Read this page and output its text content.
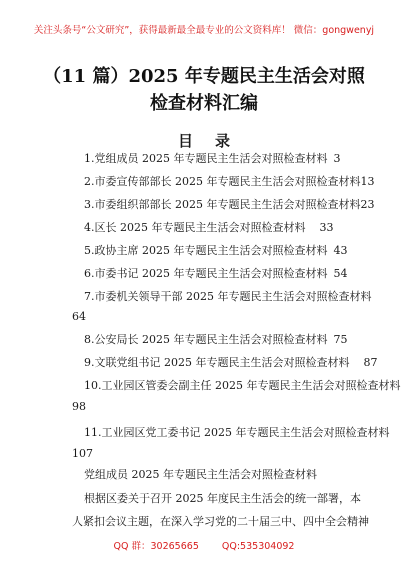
关注头条号“公文研究”，获得最新最全最专业的公文资料库！ 微信：gongwenyj
（11 篇）2025 年专题民主生活会对照检查材料汇编
目录
1.党组成员 2025 年专题民主生活会对照检查材料 3
2.市委宣传部部长 2025 年专题民主生活会对照检查材料13
3.市委组织部部长 2025 年专题民主生活会对照检查材料23
4.区长 2025 年专题民主生活会对照检查材料 33
5.政协主席 2025 年专题民主生活会对照检查材料 43
6.市委书记 2025 年专题民主生活会对照检查材料 54
7.市委机关领导干部 2025 年专题民主生活会对照检查材料
64
8.公安局长 2025 年专题民主生活会对照检查材料 75
9.文联党组书记 2025 年专题民主生活会对照检查材料 87
10.工业园区管委会副主任 2025 年专题民主生活会对照检查材料
98
11.工业园区党工委书记 2025 年专题民主生活会对照检查材料
107
党组成员 2025 年专题民主生活会对照检查材料
根据区委关于召开 2025 年度民主生活会的统一部署，本
人紧扣会议主题，在深入学习党的二十届三中、四中全会精神
QQ 群：30265665 QQ:535304092
